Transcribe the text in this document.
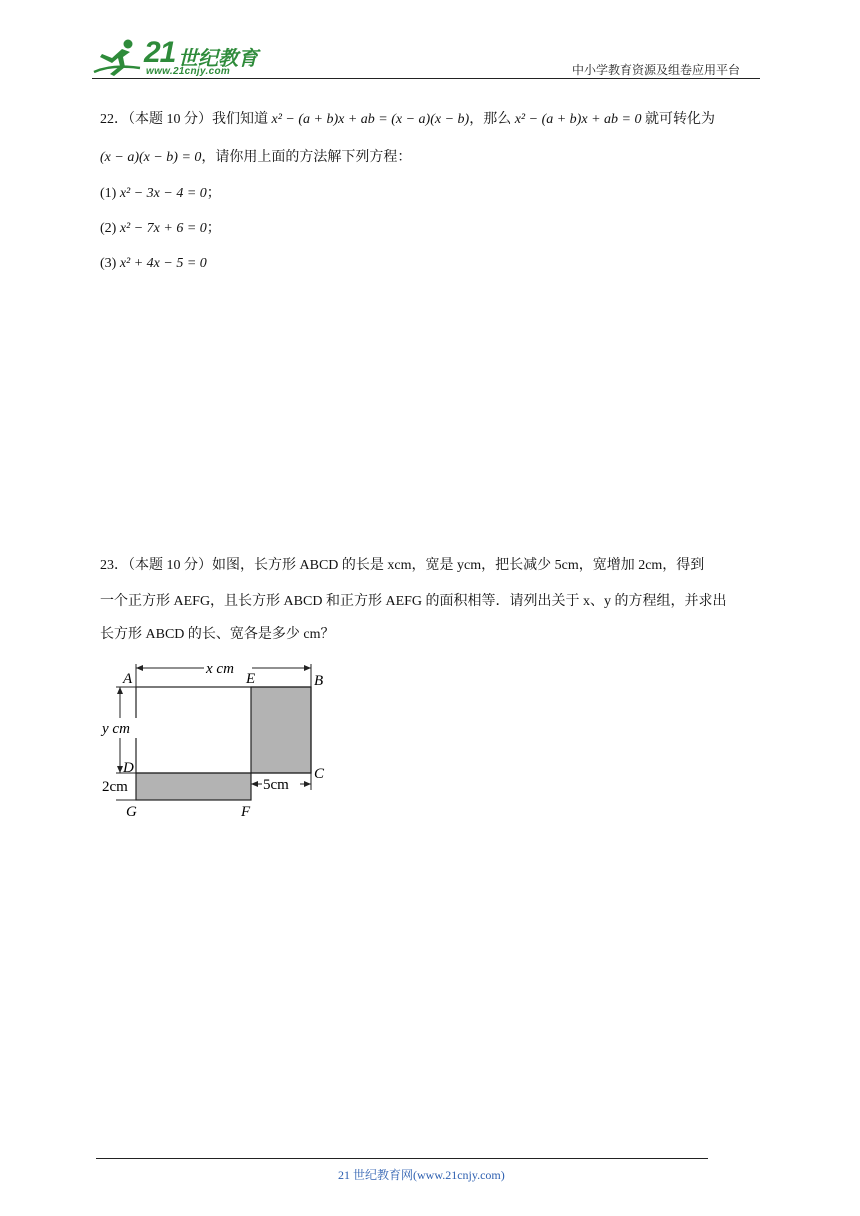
21 世纪教育
www.21cnjy.com	中小学教育资源及组卷应用平台
22．（本题 10 分）我们知道 x² − (a + b)x + ab = (x − a)(x − b)，那么 x² − (a + b)x + ab = 0 就可转化为
(x − a)(x − b) = 0，请你用上面的方法解下列方程：
(1) x² − 3x − 4 = 0；
(2) x² − 7x + 6 = 0；
(3) x² + 4x − 5 = 0
23．（本题 10 分）如图，长方形 ABCD 的长是 xcm，宽是 ycm，把长减少 5cm，宽增加 2cm，得到
一个正方形 AEFG，且长方形 ABCD 和正方形 AEFG 的面积相等．请列出关于 x、y 的方程组，并求出
长方形 ABCD 的长、宽各是多少 cm？
x cm
y cm
2cm	5cm
A	E	B
D	C
G	F
21 世纪教育网(www.21cnjy.com)
